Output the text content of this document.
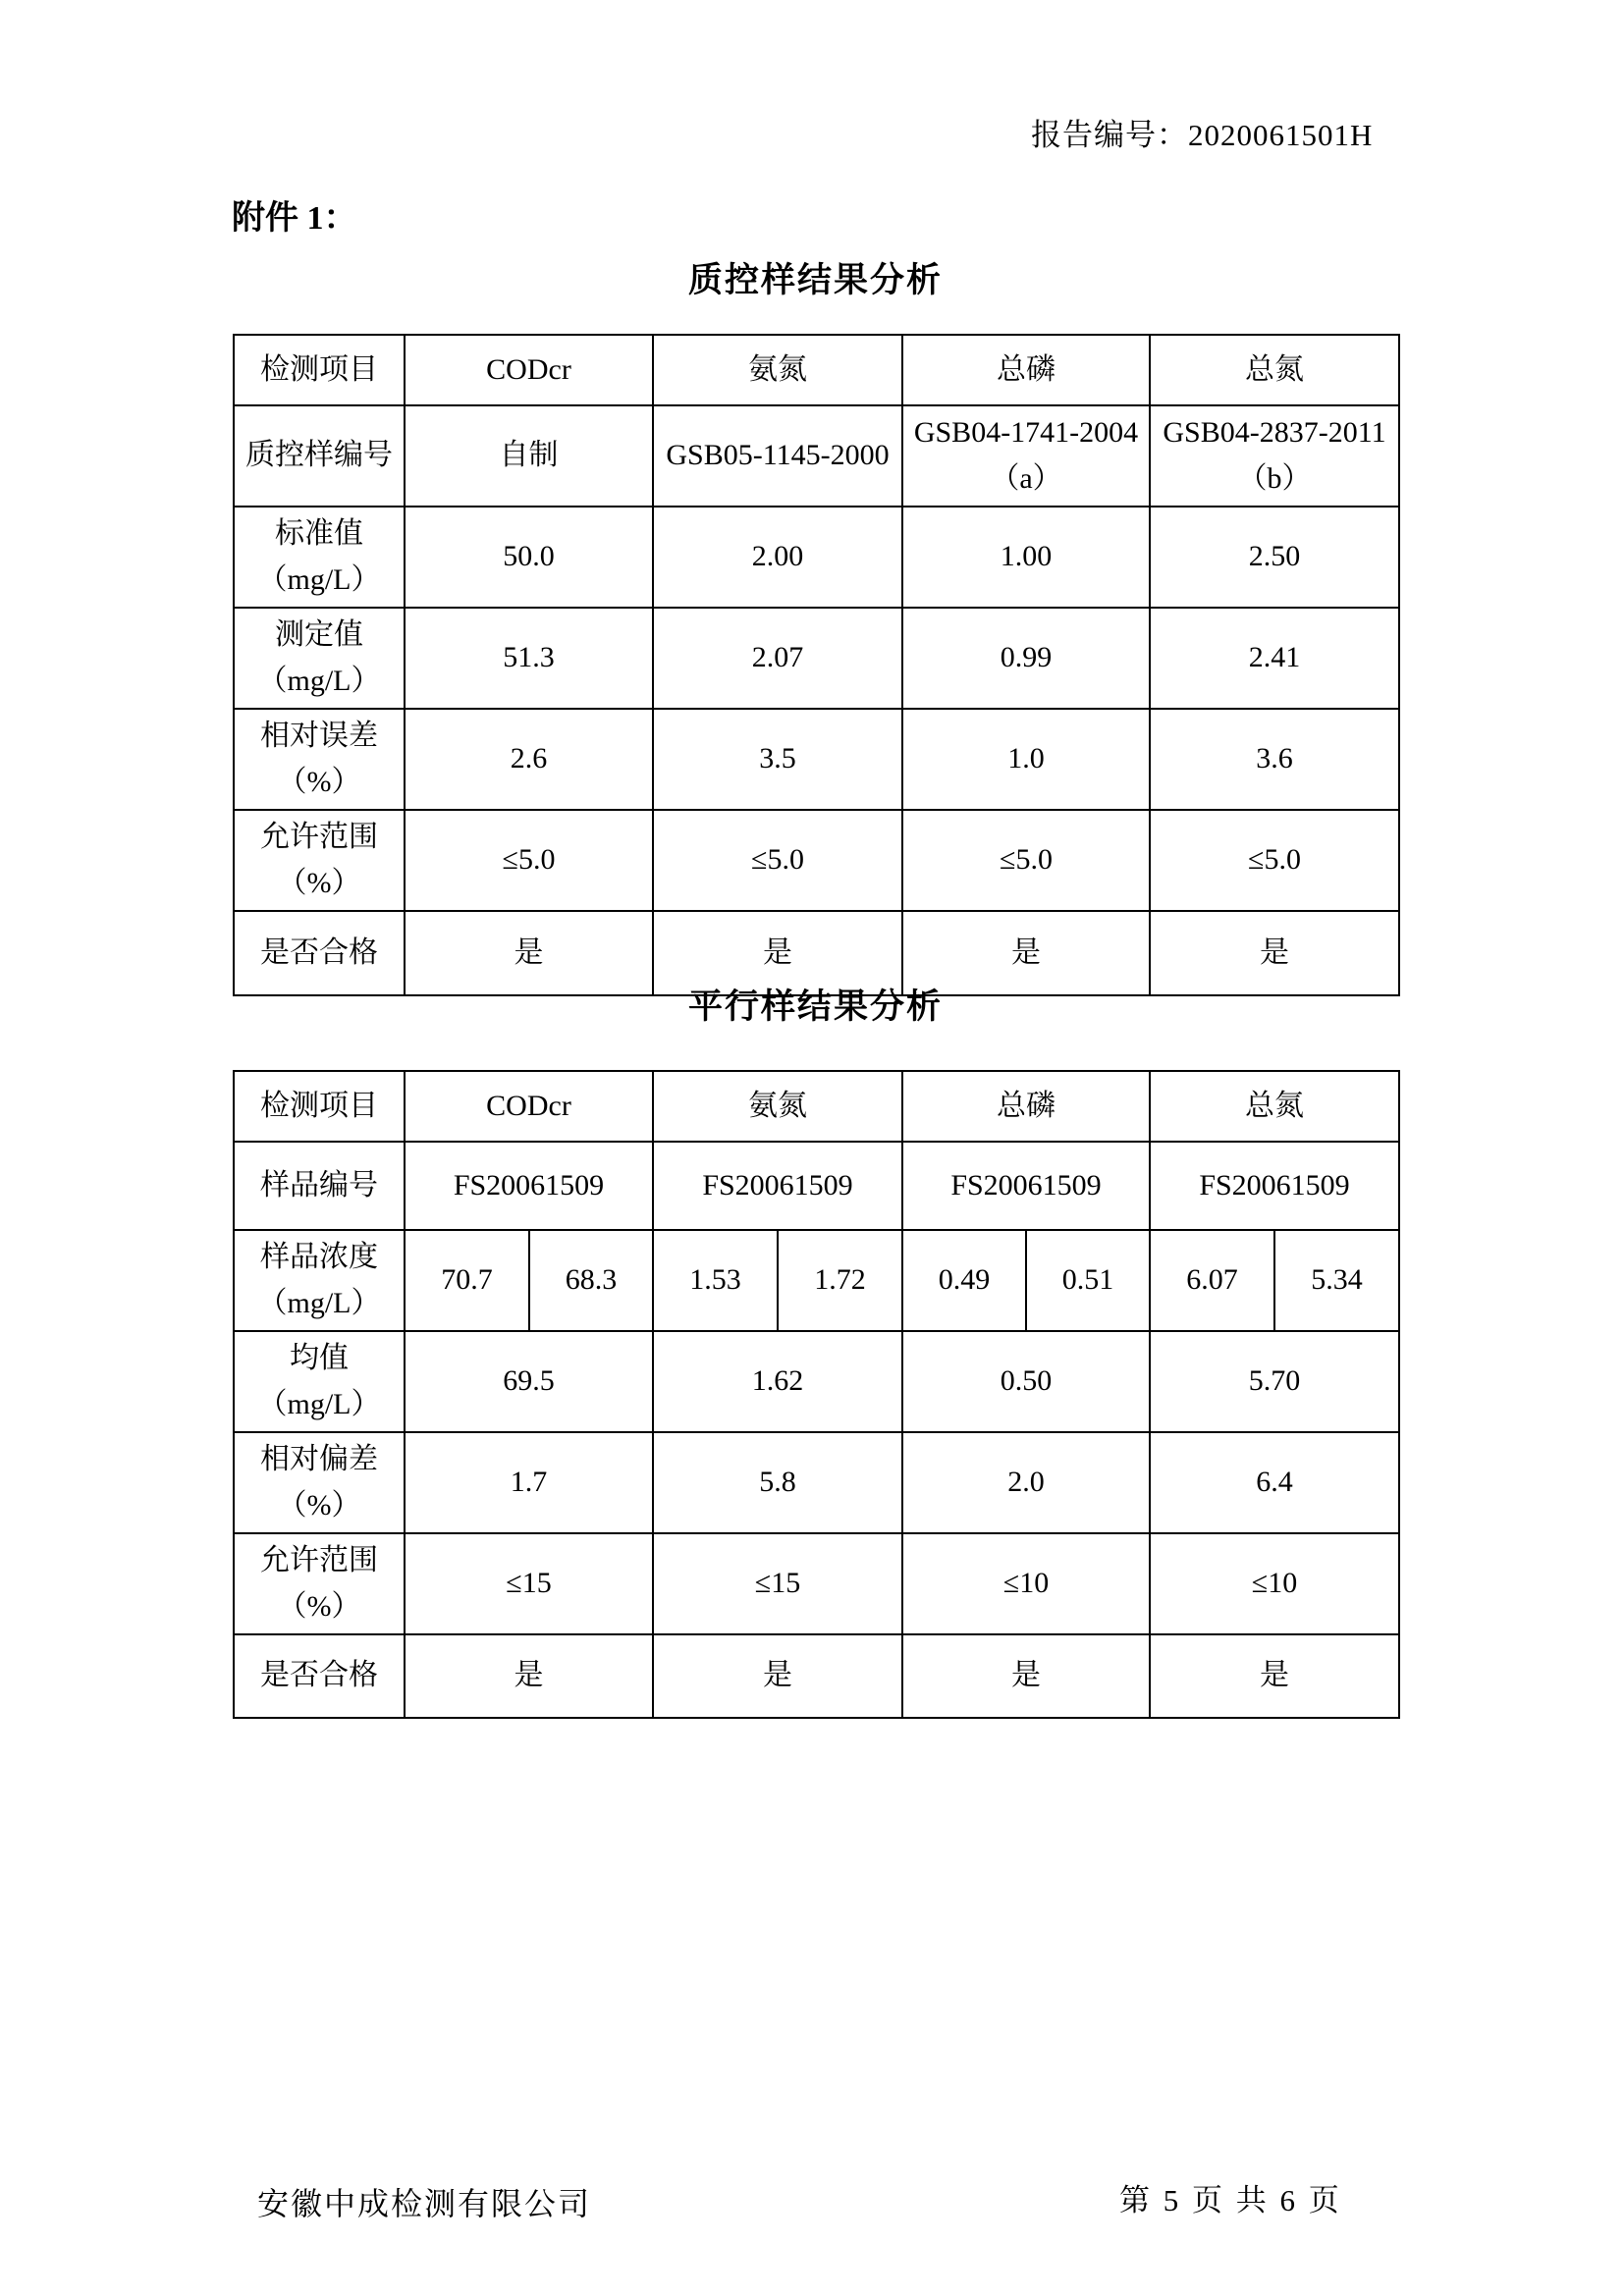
报告编号：2020061501H
附件 1：
质控样结果分析
检测项目	CODcr	氨氮	总磷	总氮

质控样编号	自制	GSB05-1145-2000	GSB04-1741-2004（a）	GSB04-2837-2011（b）

标准值
（mg/L）	50.0	2.00	1.00	2.50

测定值
（mg/L）	51.3	2.07	0.99	2.41

相对误差
（%）	2.6	3.5	1.0	3.6

允许范围
（%）	≤5.0	≤5.0	≤5.0	≤5.0

是否合格	是	是	是	是
平行样结果分析
检测项目	CODcr		氨氮		总磷		总氮	

样品编号	FS20061509		FS20061509		FS20061509		FS20061509	

样品浓度
（mg/L）	70.7	68.3	1.53	1.72	0.49	0.51	6.07	5.34

均值
（mg/L）	69.5		1.62		0.50		5.70	

相对偏差
（%）	1.7		5.8		2.0		6.4	

允许范围
（%）	≤15		≤15		≤10		≤10	

是否合格	是		是		是		是	
安徽中成检测有限公司	第 5 页 共 6 页
